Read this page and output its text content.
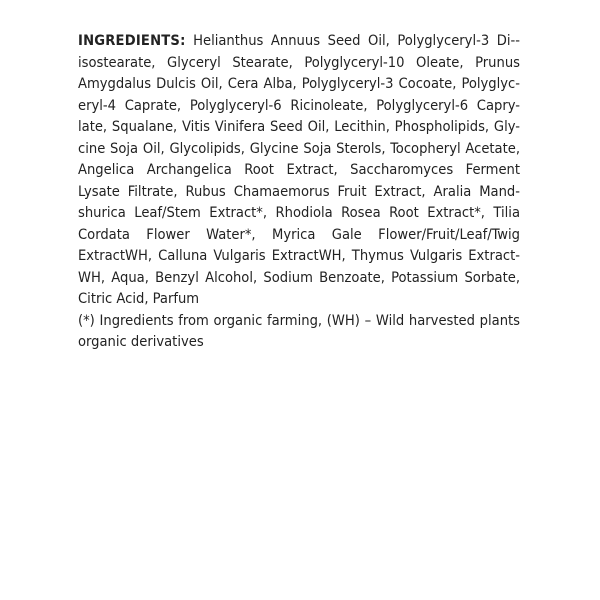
INGREDIENTS: Helianthus Annuus Seed Oil, Polyglyceryl-3 Di-isostearate, Glyceryl Stearate, Polyglyceryl-10 Oleate, Prunus Amygdalus Dulcis Oil, Cera Alba, Polyglyceryl-3 Cocoate, Polyglyc-eryl-4 Caprate, Polyglyceryl-6 Ricinoleate, Polyglyceryl-6 Capry-late, Squalane, Vitis Vinifera Seed Oil, Lecithin, Phospholipids, Gly-cine Soja Oil, Glycolipids, Glycine Soja Sterols, Tocopheryl Acetate, Angelica Archangelica Root Extract, Saccharomyces Ferment Lysate Filtrate, Rubus Chamaemorus Fruit Extract, Aralia Mand-shurica Leaf/Stem Extract*, Rhodiola Rosea Root Extract*, Tilia Cordata Flower Water*, Myrica Gale Flower/Fruit/Leaf/Twig ExtractWH, Calluna Vulgaris ExtractWH, Thymus Vulgaris Extract-WH, Aqua, Benzyl Alcohol, Sodium Benzoate, Potassium Sorbate, Citric Acid, Parfum

(*) Ingredients from organic farming, (WH) – Wild harvested plants organic derivatives
